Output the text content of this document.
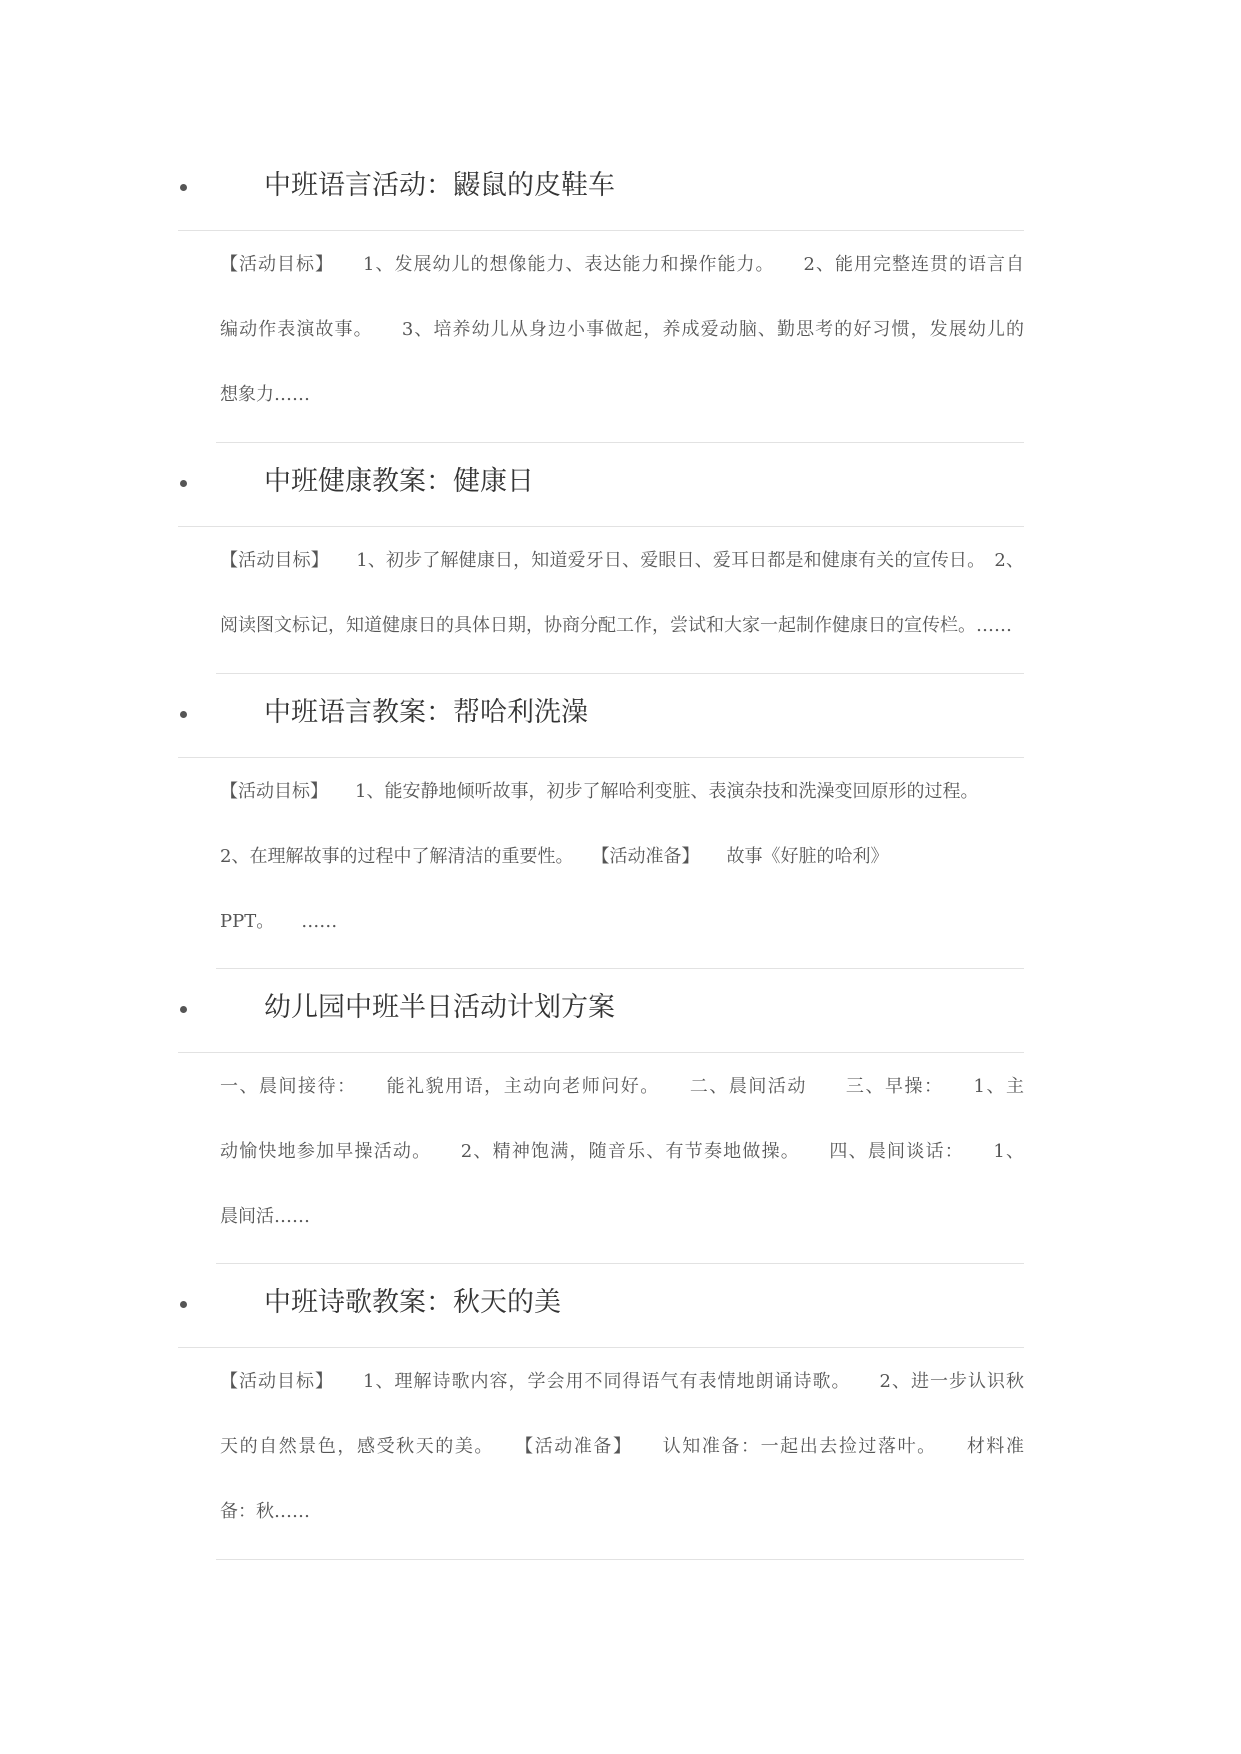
中班语言活动：鼹鼠的皮鞋车
【活动目标】　　1、发展幼儿的想像能力、表达能力和操作能力。　　2、能用完整连贯的语言自
编动作表演故事。　　3、培养幼儿从身边小事做起，养成爱动脑、勤思考的好习惯，发展幼儿的
想象力……
中班健康教案：健康日
【活动目标】　　1、初步了解健康日，知道爱牙日、爱眼日、爱耳日都是和健康有关的宣传日。　2、
阅读图文标记，知道健康日的具体日期，协商分配工作，尝试和大家一起制作健康日的宣传栏。……
中班语言教案：帮哈利洗澡
【活动目标】　　1、能安静地倾听故事，初步了解哈利变脏、表演杂技和洗澡变回原形的过程。
2、在理解故事的过程中了解清洁的重要性。　　【活动准备】　　故事《好脏的哈利》
PPT。　　……
幼儿园中班半日活动计划方案
一、晨间接待：　　能礼貌用语，主动向老师问好。　　二、晨间活动　　三、早操：　　1、主
动愉快地参加早操活动。　　2、精神饱满，随音乐、有节奏地做操。　　四、晨间谈话：　　1、
晨间活……
中班诗歌教案：秋天的美
【活动目标】　　1、理解诗歌内容，学会用不同得语气有表情地朗诵诗歌。　　2、进一步认识秋
天的自然景色，感受秋天的美。　　【活动准备】　　认知准备：一起出去捡过落叶。　　材料准
备：秋……
